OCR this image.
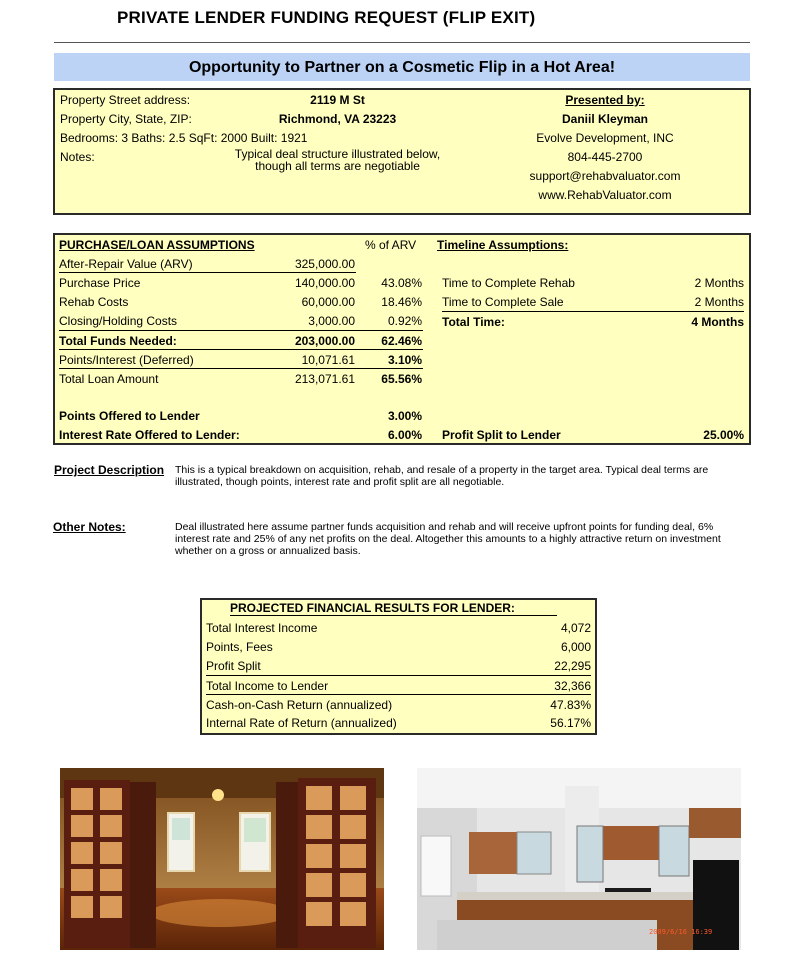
PRIVATE LENDER FUNDING REQUEST (FLIP EXIT)
Opportunity to Partner on a Cosmetic Flip in a Hot Area!
Property Street address:	2119 M St
Property City, State, ZIP:	Richmond, VA 23223
Bedrooms: 3 Baths: 2.5 SqFt: 2000 Built: 1921
Notes:	Typical deal structure illustrated below,
though all terms are negotiable
Presented by:
Daniil Kleyman
Evolve Development, INC
804-445-2700
support@rehabvaluator.com
www.RehabValuator.com
PURCHASE/LOAN ASSUMPTIONS	% of ARV
After-Repair Value (ARV)	325,000.00
Purchase Price	140,000.00	43.08%
Rehab Costs	60,000.00	18.46%
Closing/Holding Costs	3,000.00	0.92%
Total Funds Needed:	203,000.00	62.46%
Points/Interest (Deferred)	10,071.61	3.10%
Total Loan Amount	213,071.61	65.56%
Points Offered to Lender	3.00%
Interest Rate Offered to Lender:	6.00%
Timeline Assumptions:
Time to Complete Rehab	2 Months
Time to Complete Sale	2 Months
Total Time:	4 Months
Profit Split to Lender	25.00%
Project Description This is a typical breakdown on acquisition, rehab, and resale of a property in the target area. Typical deal terms are illustrated, though points, interest rate and profit split are all negotiable.
Other Notes:	Deal illustrated here assume partner funds acquisition and rehab and will receive upfront points for funding deal, 6% interest rate and 25% of any net profits on the deal. Altogether this amounts to a highly attractive return on investment whether on a gross or annualized basis.
PROJECTED FINANCIAL RESULTS FOR LENDER:
Total Interest Income	4,072
Points, Fees	6,000
Profit Split	22,295
Total Income to Lender	32,366
Cash-on-Cash Return (annualized)	47.83%
Internal Rate of Return (annualized)	56.17%
2009/6/16 16:39
